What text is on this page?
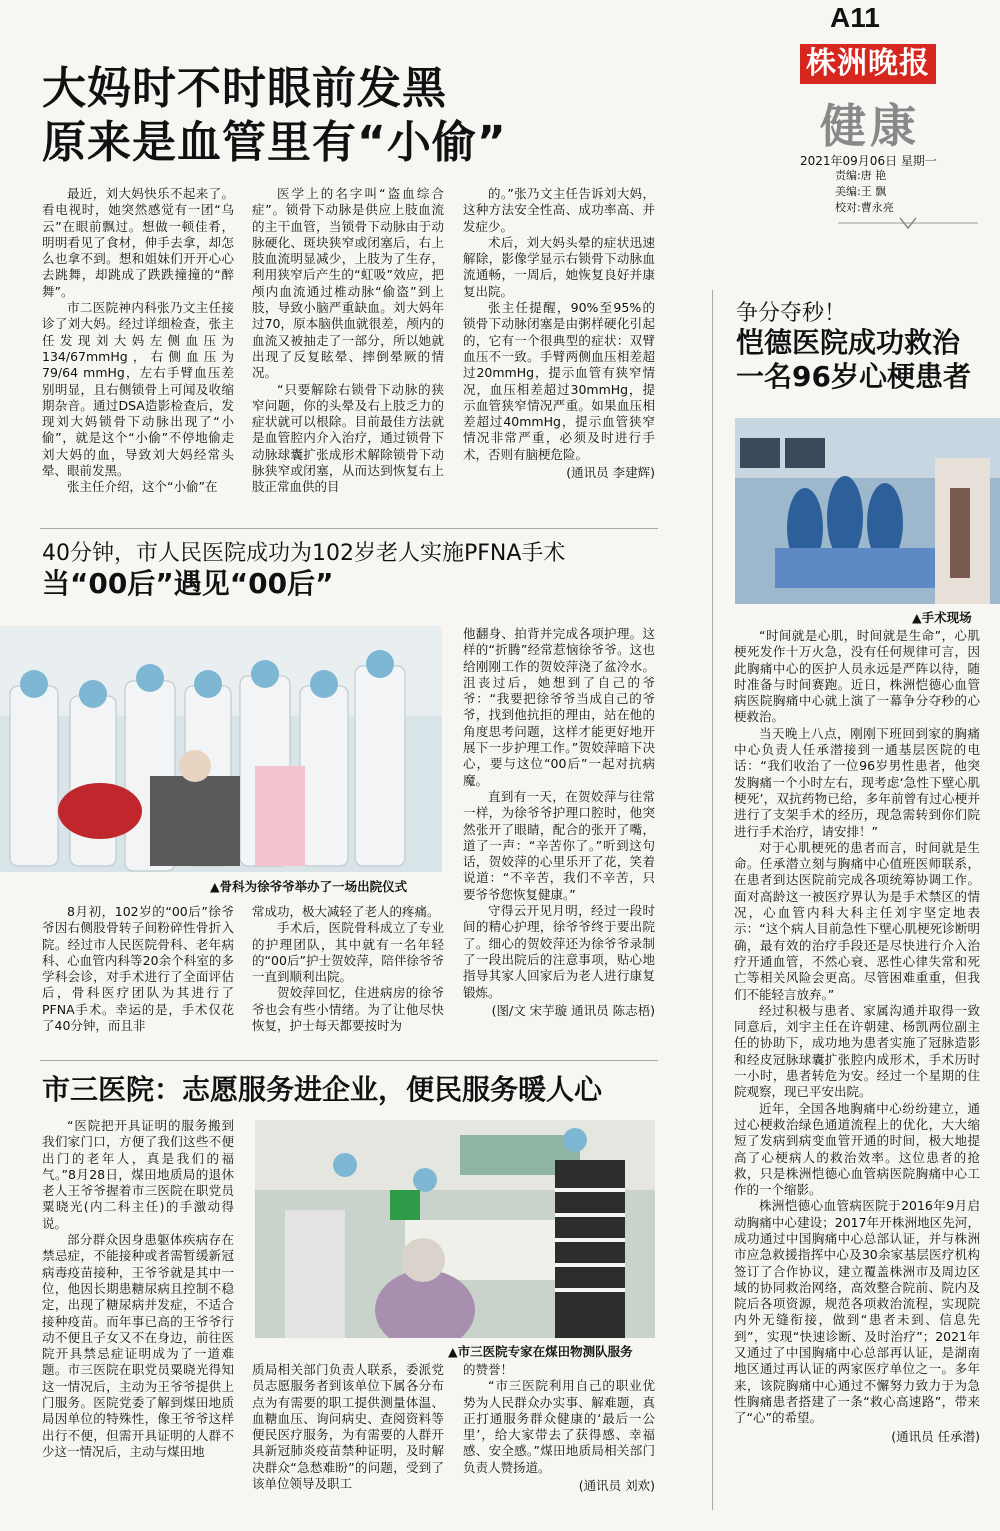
A11
株洲晚报
健康
2021年09月06日 星期一
责编:唐 艳
美编:王 飘
校对:曹永亮
大妈时不时眼前发黑
原来是血管里有“小偷”

最近，刘大妈快乐不起来了。看电视时，她突然感觉有一团“乌云”在眼前飘过。想做一顿佳肴，明明看见了食材，伸手去拿，却怎么也拿不到。想和姐妹们开开心心去跳舞，却跳成了跌跌撞撞的“醉舞”。

市二医院神内科张乃文主任接诊了刘大妈。经过详细检查，张主任发现刘大妈左侧血压为134/67mmHg，右侧血压为79/64 mmHg，左右手臂血压差别明显，且右侧锁骨上可闻及收缩期杂音。通过DSA造影检查后，发现刘大妈锁骨下动脉出现了“小偷”，就是这个“小偷”不停地偷走刘大妈的血，导致刘大妈经常头晕、眼前发黑。

张主任介绍，这个“小偷”在

医学上的名字叫“盗血综合症”。锁骨下动脉是供应上肢血流的主干血管，当锁骨下动脉由于动脉硬化、斑块狭窄或闭塞后，右上肢血流明显减少，上肢为了生存，利用狭窄后产生的“虹吸”效应，把颅内血流通过椎动脉“偷盗”到上肢，导致小脑严重缺血。刘大妈年过70，原本脑供血就很差，颅内的血流又被抽走了一部分，所以她就出现了反复眩晕、摔倒晕厥的情况。

“只要解除右锁骨下动脉的狭窄问题，你的头晕及右上肢乏力的症状就可以根除。目前最佳方法就是血管腔内介入治疗，通过锁骨下动脉球囊扩张成形术解除锁骨下动脉狭窄或闭塞，从而达到恢复右上肢正常血供的目

的。”张乃文主任告诉刘大妈，这种方法安全性高、成功率高、并发症少。

术后，刘大妈头晕的症状迅速解除，影像学显示右锁骨下动脉血流通畅，一周后，她恢复良好并康复出院。

张主任提醒，90%至95%的锁骨下动脉闭塞是由粥样硬化引起的，它有一个很典型的症状：双臂血压不一致。手臂两侧血压相差超过20mmHg，提示血管有狭窄情况，血压相差超过30mmHg，提示血管狭窄情况严重。如果血压相差超过40mmHg，提示血管狭窄情况非常严重，必须及时进行手术，否则有脑梗危险。

(通讯员 李建辉)
40分钟，市人民医院成功为102岁老人实施PFNA手术
当“00后”遇见“00后”
▲骨科为徐爷爷举办了一场出院仪式

8月初，102岁的“00后”徐爷爷因右侧股骨转子间粉碎性骨折入院。经过市人民医院骨科、老年病科、心血管内科等20余个科室的多学科会诊，对手术进行了全面评估后，骨科医疗团队为其进行了PFNA手术。幸运的是，手术仅花了40分钟，而且非

常成功，极大减轻了老人的疼痛。

手术后，医院骨科成立了专业的护理团队，其中就有一名年轻的“00后”护士贺姣萍，陪伴徐爷爷一直到顺利出院。

贺姣萍回忆，住进病房的徐爷爷也会有些小情绪。为了让他尽快恢复，护士每天都要按时为

他翻身、拍背并完成各项护理。这样的“折腾”经常惹恼徐爷爷。这也给刚刚工作的贺姣萍浇了盆冷水。沮丧过后，她想到了自己的爷爷：“我要把徐爷爷当成自己的爷爷，找到他抗拒的理由，站在他的角度思考问题，这样才能更好地开展下一步护理工作。”贺姣萍暗下决心，要与这位“00后”一起对抗病魔。

直到有一天，在贺姣萍与往常一样，为徐爷爷护理口腔时，他突然张开了眼睛，配合的张开了嘴，道了一声：“辛苦你了。”听到这句话，贺姣萍的心里乐开了花，笑着说道：“不辛苦，我们不辛苦，只要爷爷您恢复健康。”

守得云开见月明，经过一段时间的精心护理，徐爷爷终于要出院了。细心的贺姣萍还为徐爷爷录制了一段出院后的注意事项，贴心地指导其家人回家后为老人进行康复锻炼。

(图/文 宋芋璇 通讯员 陈志梧)
市三医院：志愿服务进企业，便民服务暖人心
▲市三医院专家在煤田物测队服务

“医院把开具证明的服务搬到我们家门口，方便了我们这些不便出门的老年人，真是我们的福气。”8月28日，煤田地质局的退休老人王爷爷握着市三医院在职党员粟晓光(内二科主任)的手激动得说。

部分群众因身患躯体疾病存在禁忌症，不能接种或者需暂缓新冠病毒疫苗接种，王爷爷就是其中一位，他因长期患糖尿病且控制不稳定，出现了糖尿病并发症，不适合接种疫苗。而年事已高的王爷爷行动不便且子女又不在身边，前往医院开具禁忌症证明成为了一道难题。市三医院在职党员粟晓光得知这一情况后，主动为王爷爷提供上门服务。医院党委了解到煤田地质局因单位的特殊性，像王爷爷这样出行不便，但需开具证明的人群不少这一情况后，主动与煤田地

质局相关部门负责人联系，委派党员志愿服务者到该单位下属各分布点为有需要的职工提供测量体温、血糖血压、询问病史、查阅资料等便民医疗服务，为有需要的人群开具新冠肺炎疫苗禁种证明，及时解决群众“急愁难盼”的问题，受到了该单位领导及职工

的赞誉！

“市三医院利用自己的职业优势为人民群众办实事、解难题，真正打通服务群众健康的‘最后一公里’，给大家带去了获得感、幸福感、安全感。”煤田地质局相关部门负责人赞扬道。

(通讯员 刘欢)
争分夺秒！
恺德医院成功救治
一名96岁心梗患者
▲手术现场

“时间就是心肌，时间就是生命”，心肌梗死发作十万火急，没有任何规律可言，因此胸痛中心的医护人员永远是严阵以待，随时准备与时间赛跑。近日，株洲恺德心血管病医院胸痛中心就上演了一幕争分夺秒的心梗救治。

当天晚上八点，刚刚下班回到家的胸痛中心负责人任承潜接到一通基层医院的电话：“我们收治了一位96岁男性患者，他突发胸痛一个小时左右，现考虑‘急性下壁心肌梗死’，双抗药物已给，多年前曾有过心梗并进行了支架手术的经历，现急需转到你们院进行手术治疗，请安排！”

对于心肌梗死的患者而言，时间就是生命。任承潜立刻与胸痛中心值班医师联系，在患者到达医院前完成各项统筹协调工作。面对高龄这一被医疗界认为是手术禁区的情况，心血管内科大科主任刘宇坚定地表示：“这个病人目前急性下壁心肌梗死诊断明确，最有效的治疗手段还是尽快进行介入治疗开通血管，不然心衰、恶性心律失常和死亡等相关风险会更高。尽管困难重重，但我们不能轻言放弃。”

经过积极与患者、家属沟通并取得一致同意后，刘宇主任在许朝建、杨凯两位副主任的协助下，成功地为患者实施了冠脉造影和经皮冠脉球囊扩张腔内成形术，手术历时一小时，患者转危为安。经过一个星期的住院观察，现已平安出院。

近年，全国各地胸痛中心纷纷建立，通过心梗救治绿色通道流程上的优化，大大缩短了发病到病变血管开通的时间，极大地提高了心梗病人的救治效率。这位患者的抢救，只是株洲恺德心血管病医院胸痛中心工作的一个缩影。

株洲恺德心血管病医院于2016年9月启动胸痛中心建设；2017年开株洲地区先河，成功通过中国胸痛中心总部认证，并与株洲市应急救援指挥中心及30余家基层医疗机构签订了合作协议，建立覆盖株洲市及周边区域的协同救治网络，高效整合院前、院内及院后各项资源，规范各项救治流程，实现院内外无缝衔接，做到“患者未到、信息先到”，实现“快速诊断、及时治疗”；2021年又通过了中国胸痛中心总部再认证，是湖南地区通过再认证的两家医疗单位之一。多年来，该院胸痛中心通过不懈努力致力于为急性胸痛患者搭建了一条“救心高速路”，带来了“心”的希望。

(通讯员 任承潜)
